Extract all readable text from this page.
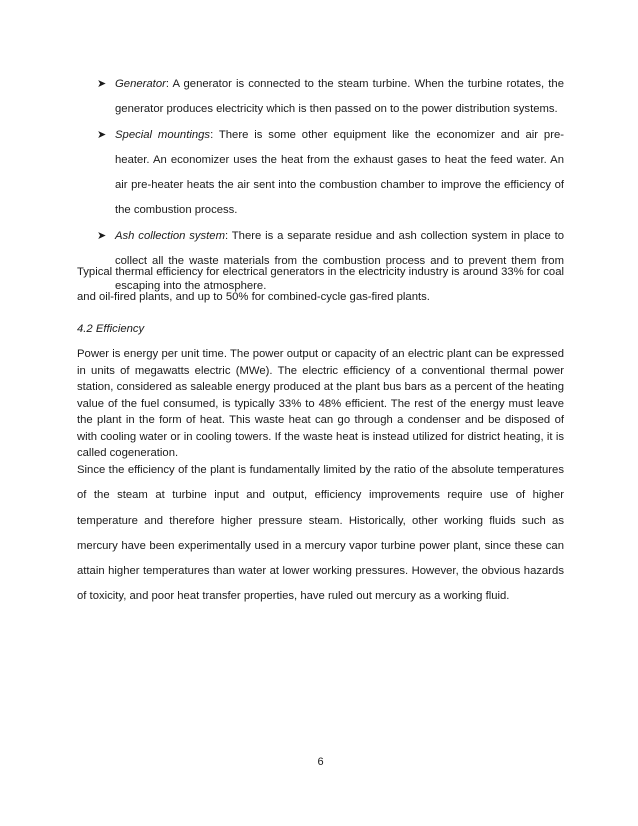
➤ Generator: A generator is connected to the steam turbine. When the turbine rotates, the generator produces electricity which is then passed on to the power distribution systems.
➤ Special mountings: There is some other equipment like the economizer and air pre-heater. An economizer uses the heat from the exhaust gases to heat the feed water. An air pre-heater heats the air sent into the combustion chamber to improve the efficiency of the combustion process.
➤ Ash collection system: There is a separate residue and ash collection system in place to collect all the waste materials from the combustion process and to prevent them from escaping into the atmosphere.

Typical thermal efficiency for electrical generators in the electricity industry is around 33% for coal and oil-fired plants, and up to 50% for combined-cycle gas-fired plants.

4.2 Efficiency

Power is energy per unit time. The power output or capacity of an electric plant can be expressed in units of megawatts electric (MWe). The electric efficiency of a conventional thermal power station, considered as saleable energy produced at the plant bus bars as a percent of the heating value of the fuel consumed, is typically 33% to 48% efficient. The rest of the energy must leave the plant in the form of heat. This waste heat can go through a condenser and be disposed of with cooling water or in cooling towers. If the waste heat is instead utilized for district heating, it is called cogeneration.

Since the efficiency of the plant is fundamentally limited by the ratio of the absolute temperatures of the steam at turbine input and output, efficiency improvements require use of higher temperature and therefore higher pressure steam. Historically, other working fluids such as mercury have been experimentally used in a mercury vapor turbine power plant, since these can attain higher temperatures than water at lower working pressures. However, the obvious hazards of toxicity, and poor heat transfer properties, have ruled out mercury as a working fluid.

6
